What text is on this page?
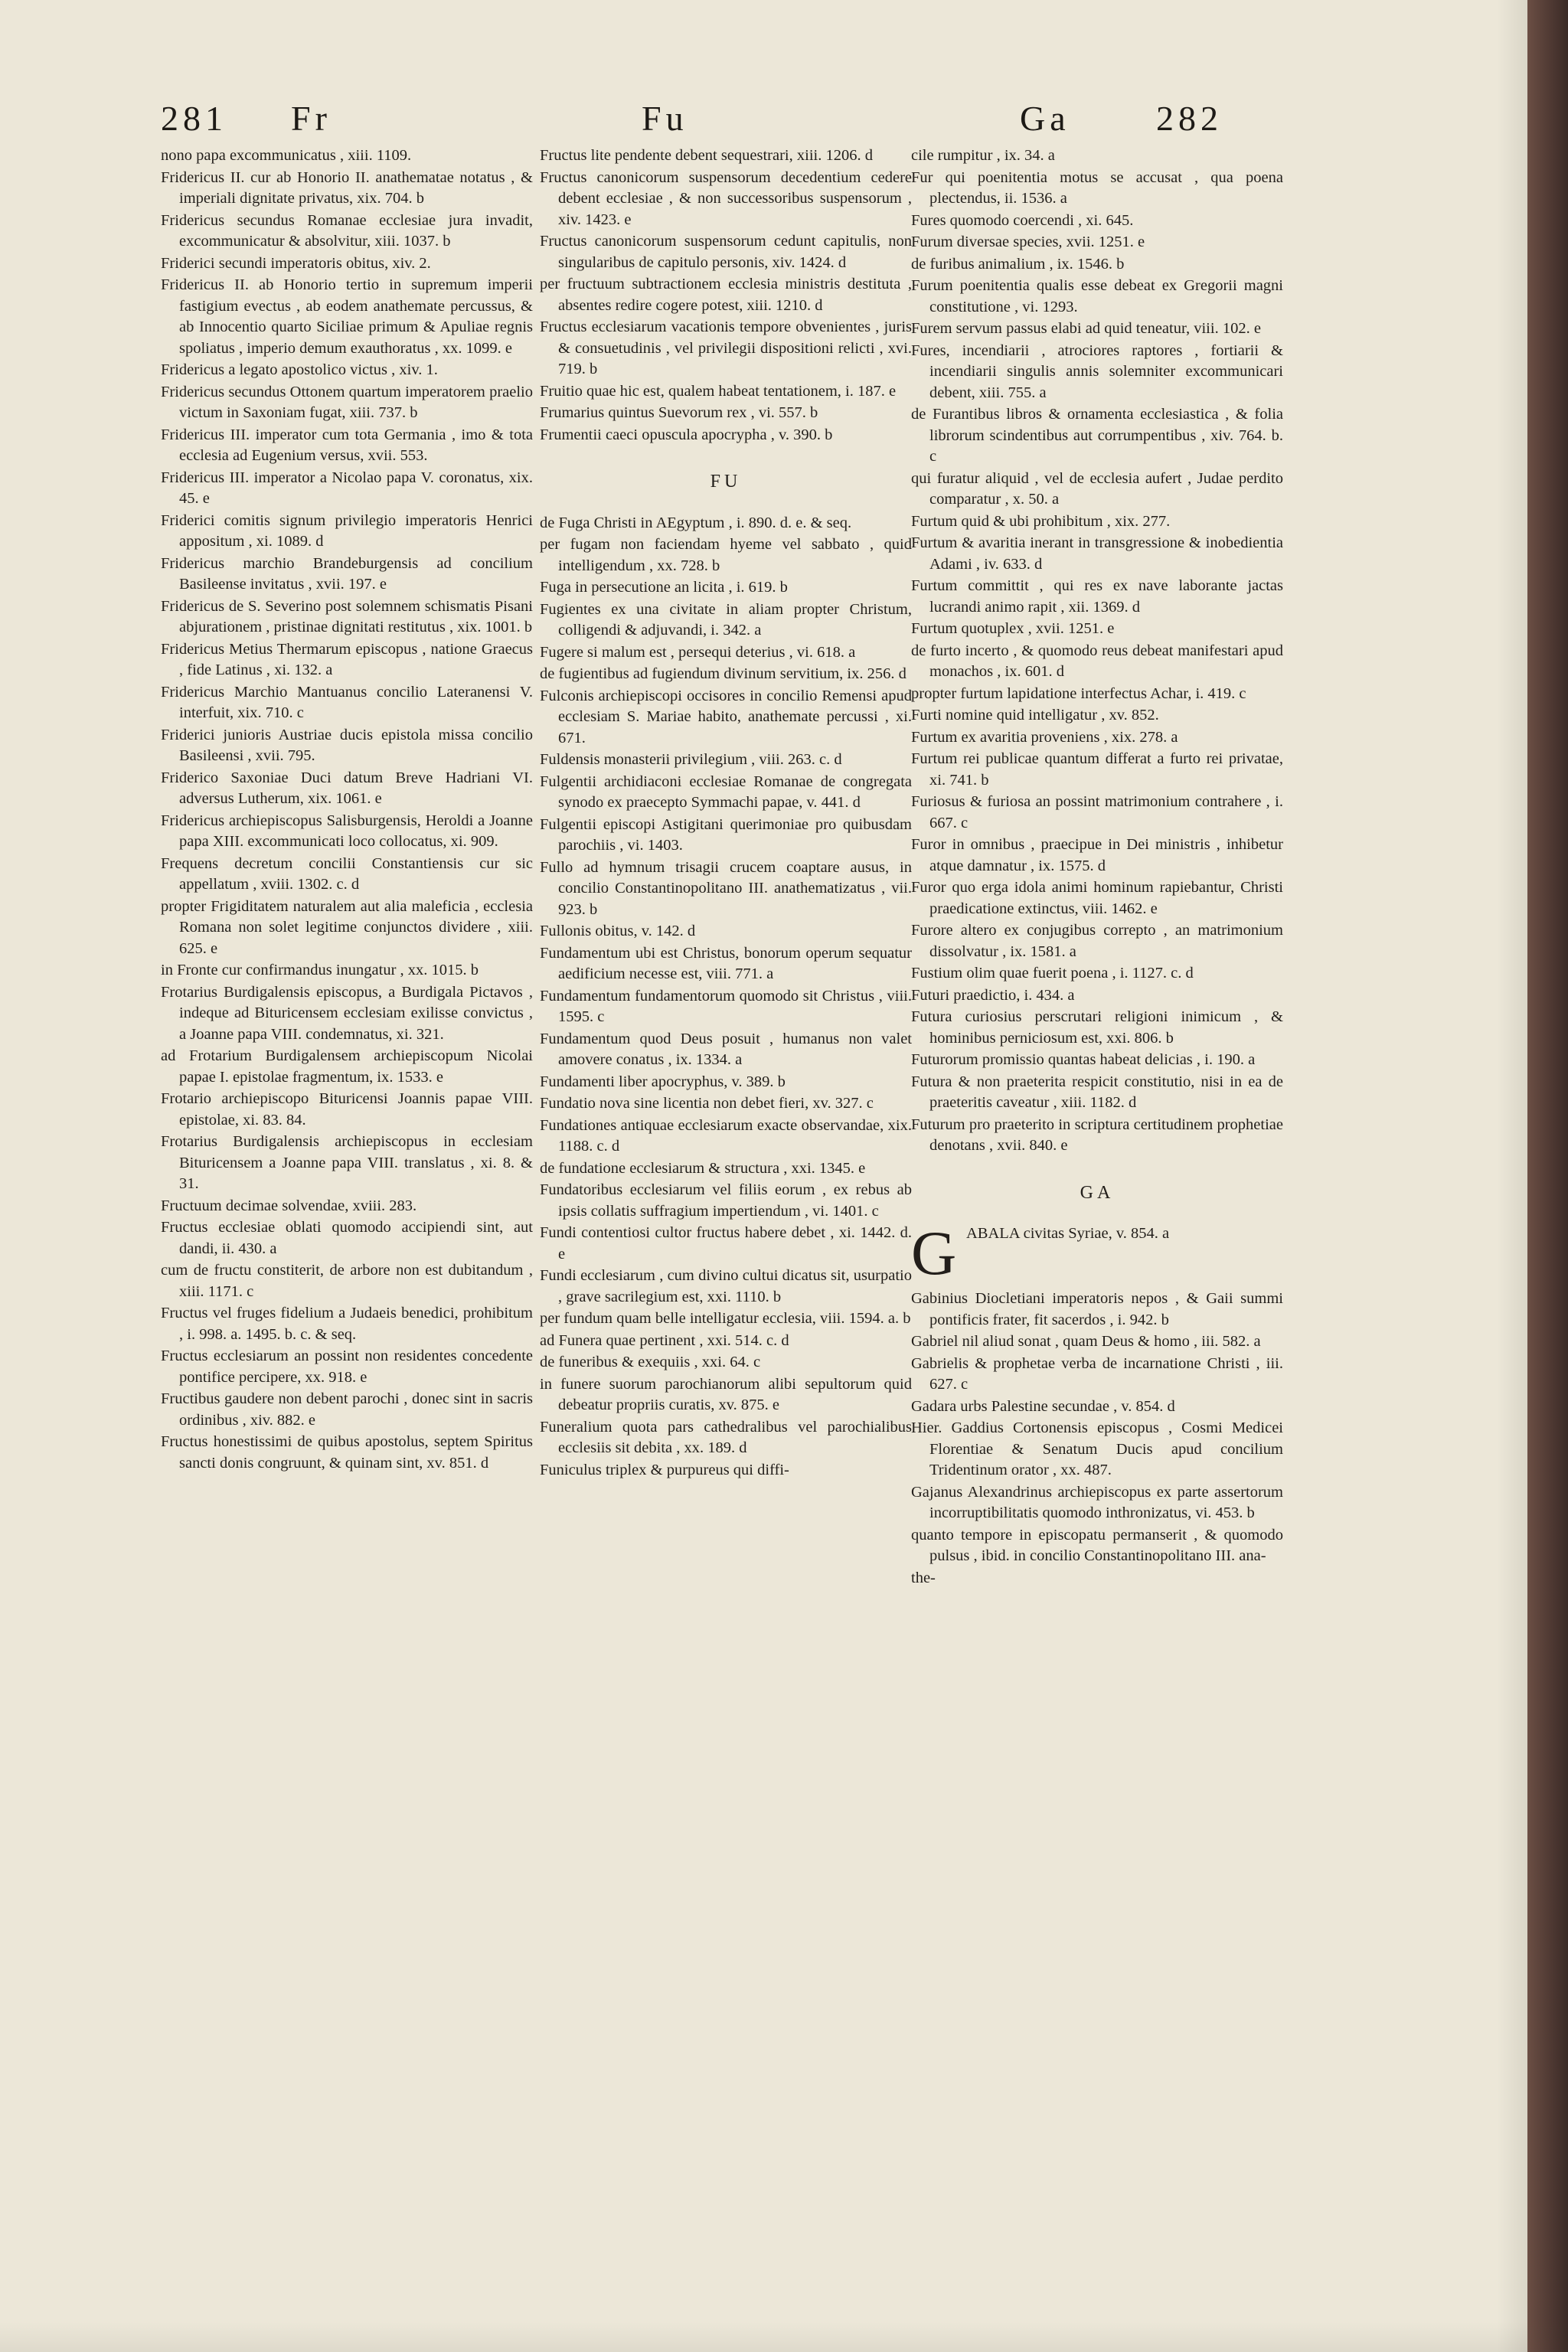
281 Fr	Fu	Ga 282
nono papa excommunicatus , xiii. 1109.
Fridericus II. cur ab Honorio II. anathematae notatus , & imperiali dignitate privatus, xix. 704. b
Fridericus secundus Romanae ecclesiae jura invadit, excommunicatur & absolvitur, xiii. 1037. b
Friderici secundi imperatoris obitus, xiv. 2.
Fridericus II. ab Honorio tertio in supremum imperii fastigium evectus , ab eodem anathemate percussus, & ab Innocentio quarto Siciliae primum & Apuliae regnis spoliatus , imperio demum exauthoratus , xx. 1099. e
Fridericus a legato apostolico victus , xiv. 1.
Fridericus secundus Ottonem quartum imperatorem praelio victum in Saxoniam fugat, xiii. 737. b
Fridericus III. imperator cum tota Germania , imo & tota ecclesia ad Eugenium versus, xvii. 553.
Fridericus III. imperator a Nicolao papa V. coronatus, xix. 45. e
Friderici comitis signum privilegio imperatoris Henrici appositum , xi. 1089. d
Fridericus marchio Brandeburgensis ad concilium Basileense invitatus , xvii. 197. e
Fridericus de S. Severino post solemnem schismatis Pisani abjurationem , pristinae dignitati restitutus , xix. 1001. b
Fridericus Metius Thermarum episcopus , natione Graecus , fide Latinus , xi. 132. a
Fridericus Marchio Mantuanus concilio Lateranensi V. interfuit, xix. 710. c
Friderici junioris Austriae ducis epistola missa concilio Basileensi , xvii. 795.
Friderico Saxoniae Duci datum Breve Hadriani VI. adversus Lutherum, xix. 1061. e
Fridericus archiepiscopus Salisburgensis, Heroldi a Joanne papa XIII. excommunicati loco collocatus, xi. 909.
Frequens decretum concilii Constantiensis cur sic appellatum , xviii. 1302. c. d
propter Frigiditatem naturalem aut alia maleficia , ecclesia Romana non solet legitime conjunctos dividere , xiii. 625. e
in Fronte cur confirmandus inungatur , xx. 1015. b
Frotarius Burdigalensis episcopus, a Burdigala Pictavos , indeque ad Bituricensem ecclesiam exilisse convictus , a Joanne papa VIII. condemnatus, xi. 321.
ad Frotarium Burdigalensem archiepiscopum Nicolai papae I. epistolae fragmentum, ix. 1533. e
Frotario archiepiscopo Bituricensi Joannis papae VIII. epistolae, xi. 83. 84.
Frotarius Burdigalensis archiepiscopus in ecclesiam Bituricensem a Joanne papa VIII. translatus , xi. 8. & 31.
Fructuum decimae solvendae, xviii. 283.
Fructus ecclesiae oblati quomodo accipiendi sint, aut dandi, ii. 430. a
cum de fructu constiterit, de arbore non est dubitandum , xiii. 1171. c
Fructus vel fruges fidelium a Judaeis benedici, prohibitum , i. 998. a. 1495. b. c. & seq.
Fructus ecclesiarum an possint non residentes concedente pontifice percipere, xx. 918. e
Fructibus gaudere non debent parochi , donec sint in sacris ordinibus , xiv. 882. e
Fructus honestissimi de quibus apostolus, septem Spiritus sancti donis congruunt, & quinam sint, xv. 851. d
Fructus lite pendente debent sequestrari, xiii. 1206. d
Fructus canonicorum suspensorum decedentium cedere debent ecclesiae , & non successoribus suspensorum , xiv. 1423. e
Fructus canonicorum suspensorum cedunt capitulis, non singularibus de capitulo personis, xiv. 1424. d
per fructuum subtractionem ecclesia ministris destituta , absentes redire cogere potest, xiii. 1210. d
Fructus ecclesiarum vacationis tempore obvenientes , juris & consuetudinis , vel privilegii dispositioni relicti , xvi. 719. b
Fruitio quae hic est, qualem habeat tentationem, i. 187. e
Frumarius quintus Suevorum rex , vi. 557. b
Frumentii caeci opuscula apocrypha , v. 390. b
FU
de Fuga Christi in AEgyptum , i. 890. d. e. & seq.
per fugam non faciendam hyeme vel sabbato , quid intelligendum , xx. 728. b
Fuga in persecutione an licita , i. 619. b
Fugientes ex una civitate in aliam propter Christum, colligendi & adjuvandi, i. 342. a
Fugere si malum est , persequi deterius , vi. 618. a
de fugientibus ad fugiendum divinum servitium, ix. 256. d
Fulconis archiepiscopi occisores in concilio Remensi apud ecclesiam S. Mariae habito, anathemate percussi , xi. 671.
Fuldensis monasterii privilegium , viii. 263. c. d
Fulgentii archidiaconi ecclesiae Romanae de congregata synodo ex praecepto Symmachi papae, v. 441. d
Fulgentii episcopi Astigitani querimoniae pro quibusdam parochiis , vi. 1403.
Fullo ad hymnum trisagii crucem coaptare ausus, in concilio Constantinopolitano III. anathematizatus , vii. 923. b
Fullonis obitus, v. 142. d
Fundamentum ubi est Christus, bonorum operum sequatur aedificium necesse est, viii. 771. a
Fundamentum fundamentorum quomodo sit Christus , viii. 1595. c
Fundamentum quod Deus posuit , humanus non valet amovere conatus , ix. 1334. a
Fundamenti liber apocryphus, v. 389. b
Fundatio nova sine licentia non debet fieri, xv. 327. c
Fundationes antiquae ecclesiarum exacte observandae, xix. 1188. c. d
de fundatione ecclesiarum & structura , xxi. 1345. e
Fundatoribus ecclesiarum vel filiis eorum , ex rebus ab ipsis collatis suffragium impertiendum , vi. 1401. c
Fundi contentiosi cultor fructus habere debet , xi. 1442. d. e
Fundi ecclesiarum , cum divino cultui dicatus sit, usurpatio , grave sacrilegium est, xxi. 1110. b
per fundum quam belle intelligatur ecclesia, viii. 1594. a. b
ad Funera quae pertinent , xxi. 514. c. d
de funeribus & exequiis , xxi. 64. c
in funere suorum parochianorum alibi sepultorum quid debeatur propriis curatis, xv. 875. e
Funeralium quota pars cathedralibus vel parochialibus ecclesiis sit debita , xx. 189. d
Funiculus triplex & purpureus qui diffi-
cile rumpitur , ix. 34. a
Fur qui poenitentia motus se accusat , qua poena plectendus, ii. 1536. a
Fures quomodo coercendi , xi. 645.
Furum diversae species, xvii. 1251. e
de furibus animalium , ix. 1546. b
Furum poenitentia qualis esse debeat ex Gregorii magni constitutione , vi. 1293.
Furem servum passus elabi ad quid teneatur, viii. 102. e
Fures, incendiarii , atrociores raptores , fortiarii & incendiarii singulis annis solemniter excommunicari debent, xiii. 755. a
de Furantibus libros & ornamenta ecclesiastica , & folia librorum scindentibus aut corrumpentibus , xiv. 764. b. c
qui furatur aliquid , vel de ecclesia aufert , Judae perdito comparatur , x. 50. a
Furtum quid & ubi prohibitum , xix. 277.
Furtum & avaritia inerant in transgressione & inobedientia Adami , iv. 633. d
Furtum committit , qui res ex nave laborante jactas lucrandi animo rapit , xii. 1369. d
Furtum quotuplex , xvii. 1251. e
de furto incerto , & quomodo reus debeat manifestari apud monachos , ix. 601. d
propter furtum lapidatione interfectus Achar, i. 419. c
Furti nomine quid intelligatur , xv. 852.
Furtum ex avaritia proveniens , xix. 278. a
Furtum rei publicae quantum differat a furto rei privatae, xi. 741. b
Furiosus & furiosa an possint matrimonium contrahere , i. 667. c
Furor in omnibus , praecipue in Dei ministris , inhibetur atque damnatur , ix. 1575. d
Furor quo erga idola animi hominum rapiebantur, Christi praedicatione extinctus, viii. 1462. e
Furore altero ex conjugibus correpto , an matrimonium dissolvatur , ix. 1581. a
Fustium olim quae fuerit poena , i. 1127. c. d
Futuri praedictio, i. 434. a
Futura curiosius perscrutari religioni inimicum , & hominibus perniciosum est, xxi. 806. b
Futurorum promissio quantas habeat delicias , i. 190. a
Futura & non praeterita respicit constitutio, nisi in ea de praeteritis caveatur , xiii. 1182. d
Futurum pro praeterito in scriptura certitudinem prophetiae denotans , xvii. 840. e
GA
G ABALA civitas Syriae, v. 854. a
Gabinius Diocletiani imperatoris nepos , & Gaii summi pontificis frater, fit sacerdos , i. 942. b
Gabriel nil aliud sonat , quam Deus & homo , iii. 582. a
Gabrielis & prophetae verba de incarnatione Christi , iii. 627. c
Gadara urbs Palestine secundae , v. 854. d
Hier. Gaddius Cortonensis episcopus , Cosmi Medicei Florentiae & Senatum Ducis apud concilium Tridentinum orator , xx. 487.
Gajanus Alexandrinus archiepiscopus ex parte assertorum incorruptibilitatis quomodo inthronizatus, vi. 453. b
quanto tempore in episcopatu permanserit , & quomodo pulsus , ibid. in concilio Constantinopolitano III. ana-
the-
